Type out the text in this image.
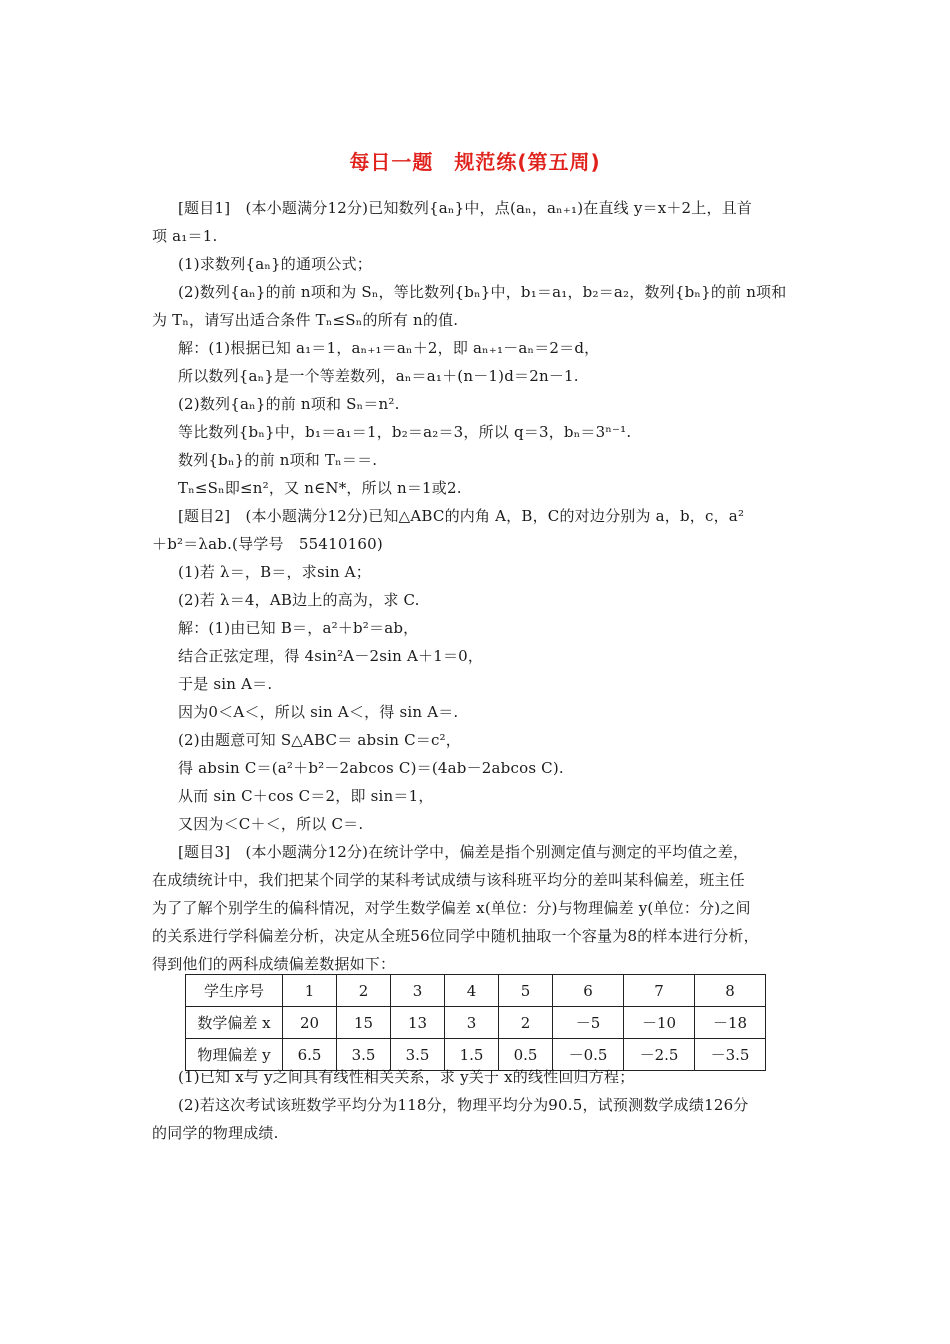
每日一题　规范练(第五周)
[题目1]　(本小题满分12分)已知数列{aₙ}中，点(aₙ，aₙ₊₁)在直线 y＝x＋2上，且首
项 a₁＝1.
(1)求数列{aₙ}的通项公式；
(2)数列{aₙ}的前 n项和为 Sₙ，等比数列{bₙ}中，b₁＝a₁，b₂＝a₂，数列{bₙ}的前 n项和
为 Tₙ，请写出适合条件 Tₙ≤Sₙ的所有 n的值.
解：(1)根据已知 a₁＝1，aₙ₊₁＝aₙ＋2，即 aₙ₊₁－aₙ＝2＝d，
所以数列{aₙ}是一个等差数列，aₙ＝a₁＋(n－1)d＝2n－1.
(2)数列{aₙ}的前 n项和 Sₙ＝n².
等比数列{bₙ}中，b₁＝a₁＝1，b₂＝a₂＝3，所以 q＝3，bₙ＝3ⁿ⁻¹.
数列{bₙ}的前 n项和 Tₙ＝＝.
Tₙ≤Sₙ即≤n²，又 n∈N*，所以 n＝1或2.
[题目2]　(本小题满分12分)已知△ABC的内角 A，B，C的对边分别为 a，b，c，a²
＋b²＝λab.(导学号　55410160)
(1)若 λ＝，B＝，求sin A；
(2)若 λ＝4，AB边上的高为，求 C.
解：(1)由已知 B＝，a²＋b²＝ab，
结合正弦定理，得 4sin²A－2sin A＋1＝0，
于是 sin A＝.
因为0＜A＜，所以 sin A＜，得 sin A＝.
(2)由题意可知 S△ABC＝ absin C＝c²，
得 absin C＝(a²＋b²－2abcos C)＝(4ab－2abcos C).
从而 sin C＋cos C＝2，即 sin＝1，
又因为＜C＋＜，所以 C＝.
[题目3]　(本小题满分12分)在统计学中，偏差是指个别测定值与测定的平均值之差，
在成绩统计中，我们把某个同学的某科考试成绩与该科班平均分的差叫某科偏差，班主任
为了了解个别学生的偏科情况，对学生数学偏差 x(单位：分)与物理偏差 y(单位：分)之间
的关系进行学科偏差分析，决定从全班56位同学中随机抽取一个容量为8的样本进行分析，
得到他们的两科成绩偏差数据如下：
学生序号	1	2	3	4	5	6	7	8
数学偏差 x	20	15	13	3	2	－5	－10	－18
物理偏差 y	6.5	3.5	3.5	1.5	0.5	－0.5	－2.5	－3.5
(1)已知 x与 y之间具有线性相关关系，求 y关于 x的线性回归方程；
(2)若这次考试该班数学平均分为118分，物理平均分为90.5，试预测数学成绩126分
的同学的物理成绩.
